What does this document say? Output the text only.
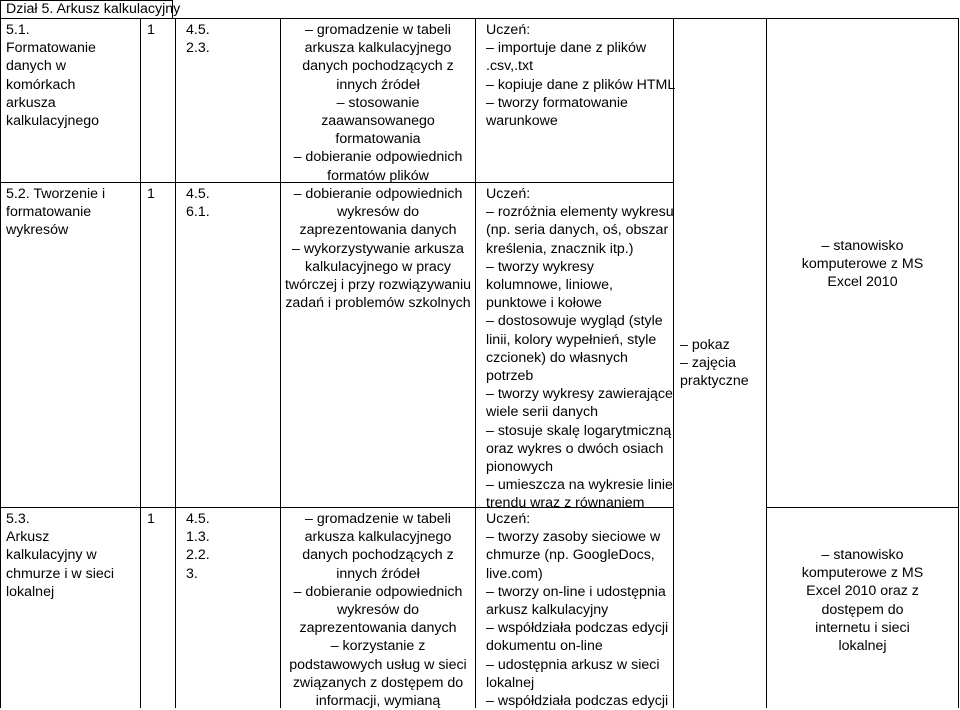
Dział 5. Arkusz kalkulacyjny
5.1.
Formatowanie
danych w
komórkach
arkusza
kalkulacyjnego
1 4.5.
2.3.
– gromadzenie w tabeli
arkusza kalkulacyjnego
danych pochodzących z
innych źródeł
– stosowanie
zaawansowanego
formatowania
– dobieranie odpowiednich
formatów plików
Uczeń:
– importuje dane z plików
.csv,.txt
– kopiuje dane z plików HTML
– tworzy formatowanie
warunkowe
5.2. Tworzenie i
formatowanie
wykresów
1 4.5.
6.1.
– dobieranie odpowiednich
wykresów do
zaprezentowania danych
– wykorzystywanie arkusza
kalkulacyjnego w pracy
twórczej i przy rozwiązywaniu
zadań i problemów szkolnych
Uczeń:
– rozróżnia elementy wykresu
(np. seria danych, oś, obszar
kreślenia, znacznik itp.)
– tworzy wykresy
kolumnowe, liniowe,
punktowe i kołowe
– dostosowuje wygląd (style
linii, kolory wypełnień, style
czcionek) do własnych
potrzeb
– tworzy wykresy zawierające
wiele serii danych
– stosuje skalę logarytmiczną
oraz wykres o dwóch osiach
pionowych
– umieszcza na wykresie linie
trendu wraz z równaniem
– pokaz
– zajęcia
praktyczne
– stanowisko
komputerowe z MS
Excel 2010
5.3.
Arkusz
kalkulacyjny w
chmurze i w sieci
lokalnej
1 4.5.
1.3.
2.2.
3.
– gromadzenie w tabeli
arkusza kalkulacyjnego
danych pochodzących z
innych źródeł
– dobieranie odpowiednich
wykresów do
zaprezentowania danych
– korzystanie z
podstawowych usług w sieci
związanych z dostępem do
informacji, wymianą
Uczeń:
– tworzy zasoby sieciowe w
chmurze (np. GoogleDocs,
live.com)
– tworzy on-line i udostępnia
arkusz kalkulacyjny
– współdziała podczas edycji
dokumentu on-line
– udostępnia arkusz w sieci
lokalnej
– współdziała podczas edycji
– stanowisko
komputerowe z MS
Excel 2010 oraz z
dostępem do
internetu i sieci
lokalnej
